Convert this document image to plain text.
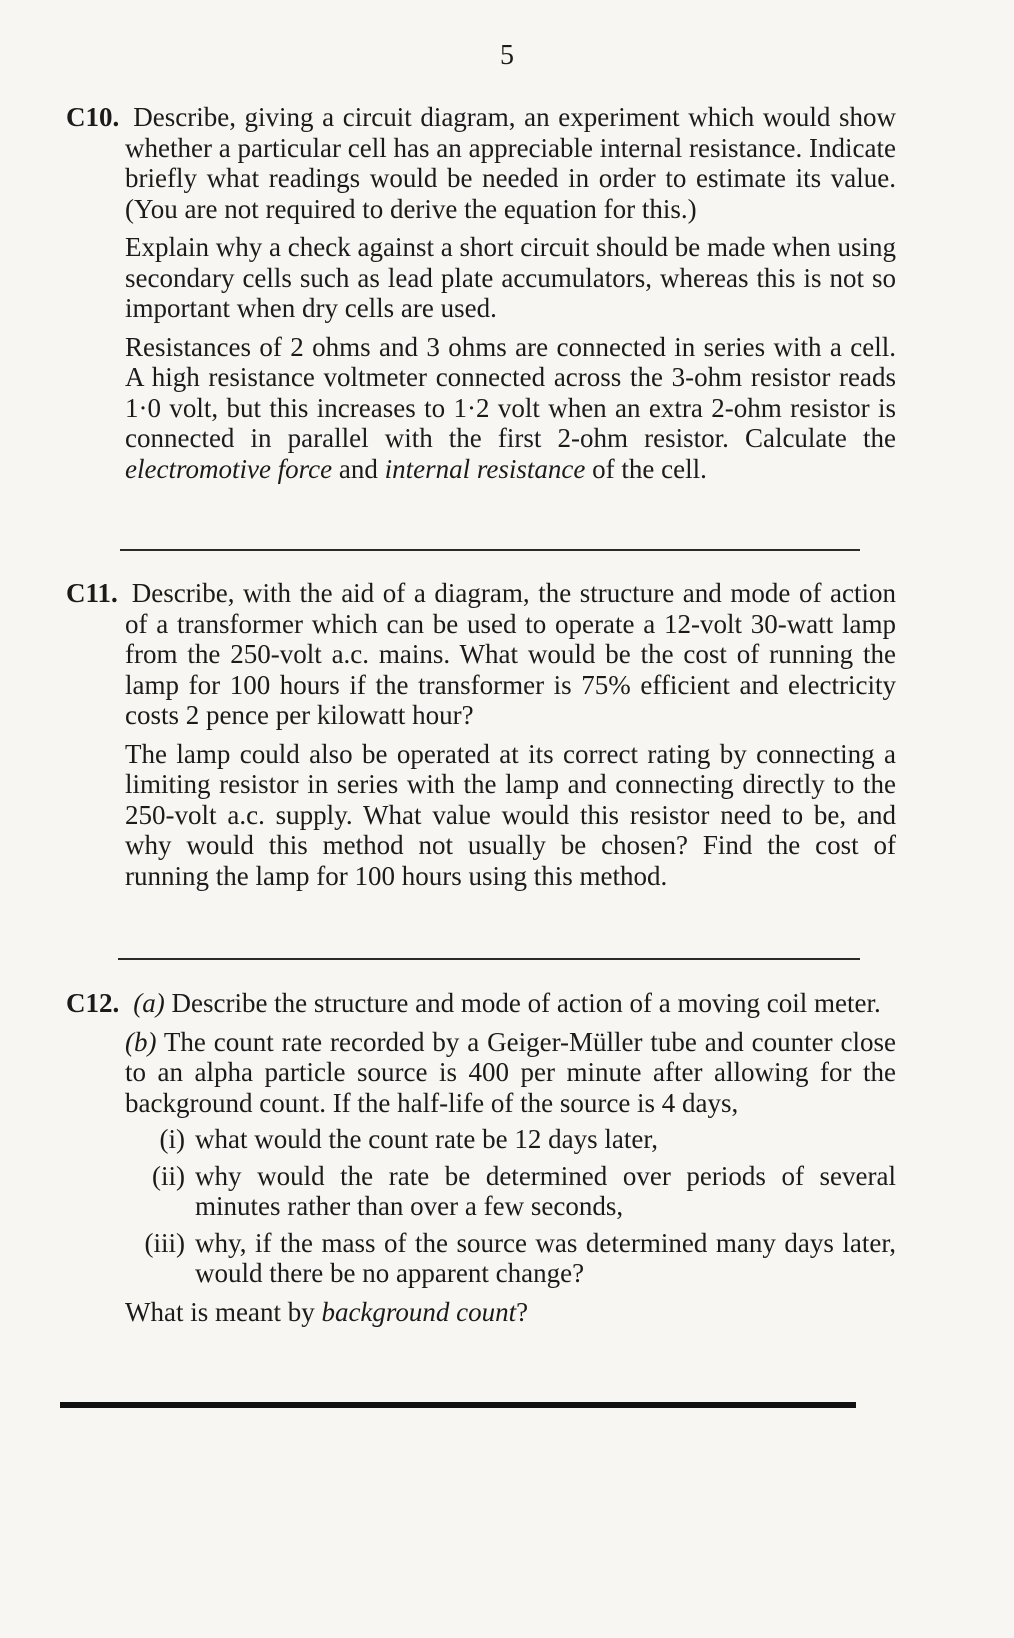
5

C10. Describe, giving a circuit diagram, an experiment which would show whether a particular cell has an appreciable internal resistance. Indicate briefly what readings would be needed in order to estimate its value. (You are not required to derive the equation for this.)

Explain why a check against a short circuit should be made when using secondary cells such as lead plate accumulators, whereas this is not so important when dry cells are used.

Resistances of 2 ohms and 3 ohms are connected in series with a cell. A high resistance voltmeter connected across the 3-ohm resistor reads 1·0 volt, but this increases to 1·2 volt when an extra 2-ohm resistor is connected in parallel with the first 2-ohm resistor. Calculate the electromotive force and internal resistance of the cell.

C11. Describe, with the aid of a diagram, the structure and mode of action of a transformer which can be used to operate a 12-volt 30-watt lamp from the 250-volt a.c. mains. What would be the cost of running the lamp for 100 hours if the transformer is 75% efficient and electricity costs 2 pence per kilowatt hour?

The lamp could also be operated at its correct rating by connecting a limiting resistor in series with the lamp and connecting directly to the 250-volt a.c. supply. What value would this resistor need to be, and why would this method not usually be chosen? Find the cost of running the lamp for 100 hours using this method.

C12. (a) Describe the structure and mode of action of a moving coil meter.

(b) The count rate recorded by a Geiger-Müller tube and counter close to an alpha particle source is 400 per minute after allowing for the background count. If the half-life of the source is 4 days,

(i) what would the count rate be 12 days later,
(ii) why would the rate be determined over periods of several minutes rather than over a few seconds,
(iii) why, if the mass of the source was determined many days later, would there be no apparent change?

What is meant by background count?
